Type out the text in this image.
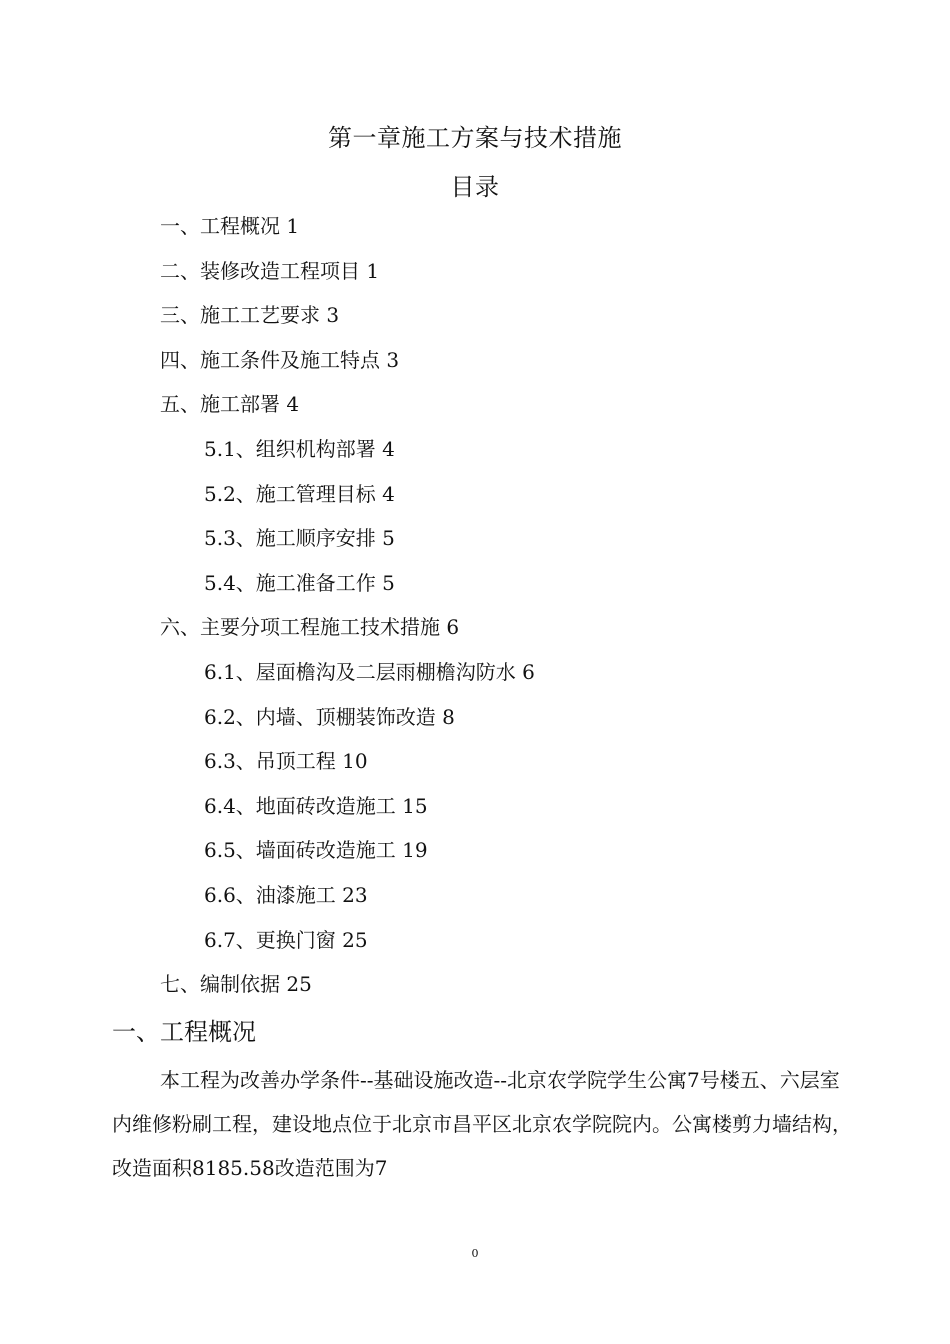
第一章施工方案与技术措施
目录
一、工程概况 1
二、装修改造工程项目 1
三、施工工艺要求 3
四、施工条件及施工特点 3
五、施工部署 4
5.1、组织机构部署 4
5.2、施工管理目标 4
5.3、施工顺序安排 5
5.4、施工准备工作 5
六、主要分项工程施工技术措施 6
6.1、屋面檐沟及二层雨棚檐沟防水 6
6.2、内墙、顶棚装饰改造 8
6.3、吊顶工程 10
6.4、地面砖改造施工 15
6.5、墙面砖改造施工 19
6.6、油漆施工 23
6.7、更换门窗 25
七、编制依据 25
一、工程概况
本工程为改善办学条件--基础设施改造--北京农学院学生公寓7号楼五、六层室内维修粉刷工程，建设地点位于北京市昌平区北京农学院院内。公寓楼剪力墙结构，改造面积8185.58改造范围为7
0
